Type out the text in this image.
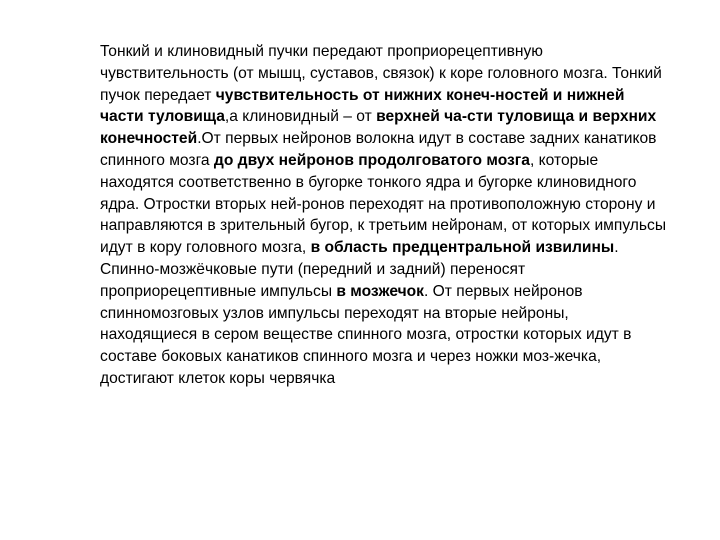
Тонкий и клиновидный пучки передают проприорецептивную чувствительность (от мышц, суставов, связок) к коре головного мозга. Тонкий пучок передает чувствительность от нижних конеч-ностей и нижней части туловища,а клиновидный – от верхней ча-сти туловища и верхних конечностей.От первых нейронов волокна идут в составе задних канатиков спинного мозга до двух нейронов продолговатого мозга, которые находятся соответственно в бугорке тонкого ядра и бугорке клиновидного ядра. Отростки вторых ней-ронов переходят на противоположную сторону и направляются в зрительный бугор, к третьим нейронам, от которых импульсы идут в кору головного мозга, в область предцентральной извилины.

Спинно-мозжёчковые пути (передний и задний) переносят проприорецептивные импульсы в мозжечок. От первых нейронов спинномозговых узлов импульсы переходят на вторые нейроны, находящиеся в сером веществе спинного мозга, отростки которых идут в составе боковых канатиков спинного мозга и через ножки моз-жечка, достигают клеток коры червячка
